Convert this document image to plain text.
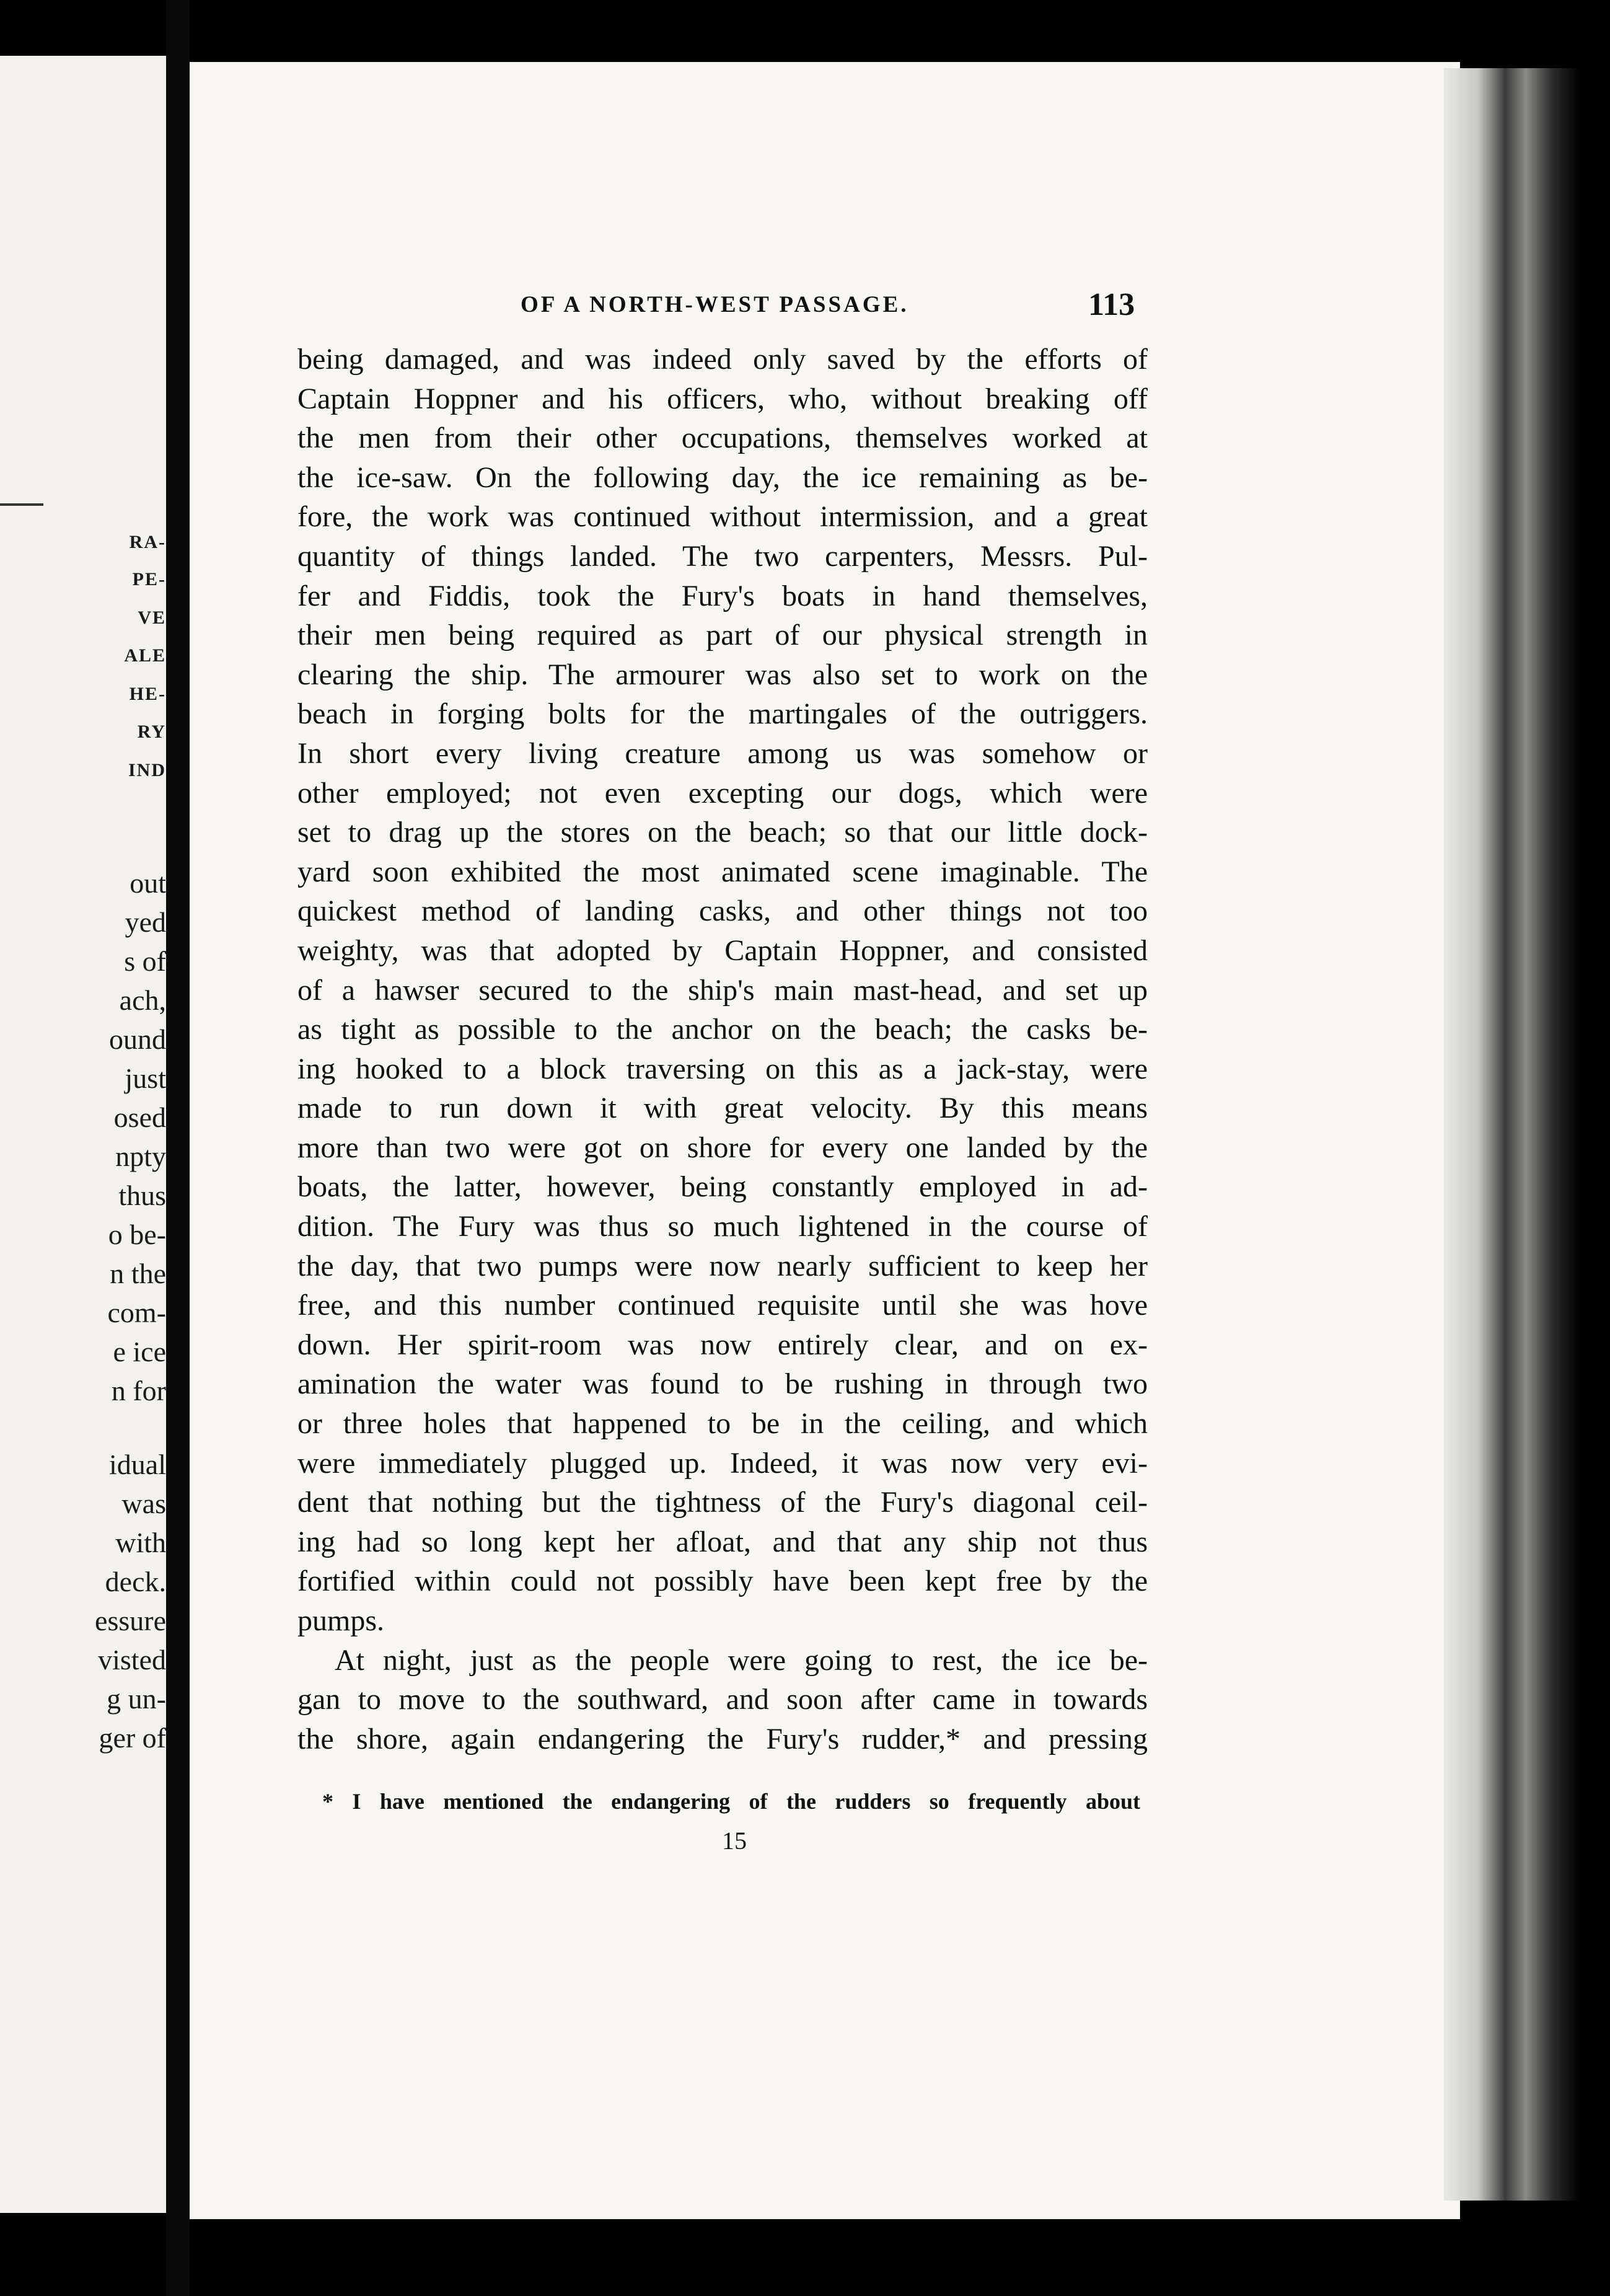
RA-
PE-
VE
ALE
HE-
RY
IND
out
yed
s of
ach,
ound
just
osed
npty
thus
o be-
n the
com-
e ice
n for
idual
was
with
deck.
essure
visted
g un-
ger of
OF A NORTH-WEST PASSAGE.	113
being damaged, and was indeed only saved by the efforts of
Captain Hoppner and his officers, who, without breaking off
the men from their other occupations, themselves worked at
the ice-saw. On the following day, the ice remaining as be-
fore, the work was continued without intermission, and a great
quantity of things landed. The two carpenters, Messrs. Pul-
fer and Fiddis, took the Fury's boats in hand themselves,
their men being required as part of our physical strength in
clearing the ship. The armourer was also set to work on the
beach in forging bolts for the martingales of the outriggers.
In short every living creature among us was somehow or
other employed; not even excepting our dogs, which were
set to drag up the stores on the beach; so that our little dock-
yard soon exhibited the most animated scene imaginable. The
quickest method of landing casks, and other things not too
weighty, was that adopted by Captain Hoppner, and consisted
of a hawser secured to the ship's main mast-head, and set up
as tight as possible to the anchor on the beach; the casks be-
ing hooked to a block traversing on this as a jack-stay, were
made to run down it with great velocity. By this means
more than two were got on shore for every one landed by the
boats, the latter, however, being constantly employed in ad-
dition. The Fury was thus so much lightened in the course of
the day, that two pumps were now nearly sufficient to keep her
free, and this number continued requisite until she was hove
down. Her spirit-room was now entirely clear, and on ex-
amination the water was found to be rushing in through two
or three holes that happened to be in the ceiling, and which
were immediately plugged up. Indeed, it was now very evi-
dent that nothing but the tightness of the Fury's diagonal ceil-
ing had so long kept her afloat, and that any ship not thus
fortified within could not possibly have been kept free by the
pumps.
At night, just as the people were going to rest, the ice be-
gan to move to the southward, and soon after came in towards
the shore, again endangering the Fury's rudder,* and pressing
* I have mentioned the endangering of the rudders so frequently about
15
